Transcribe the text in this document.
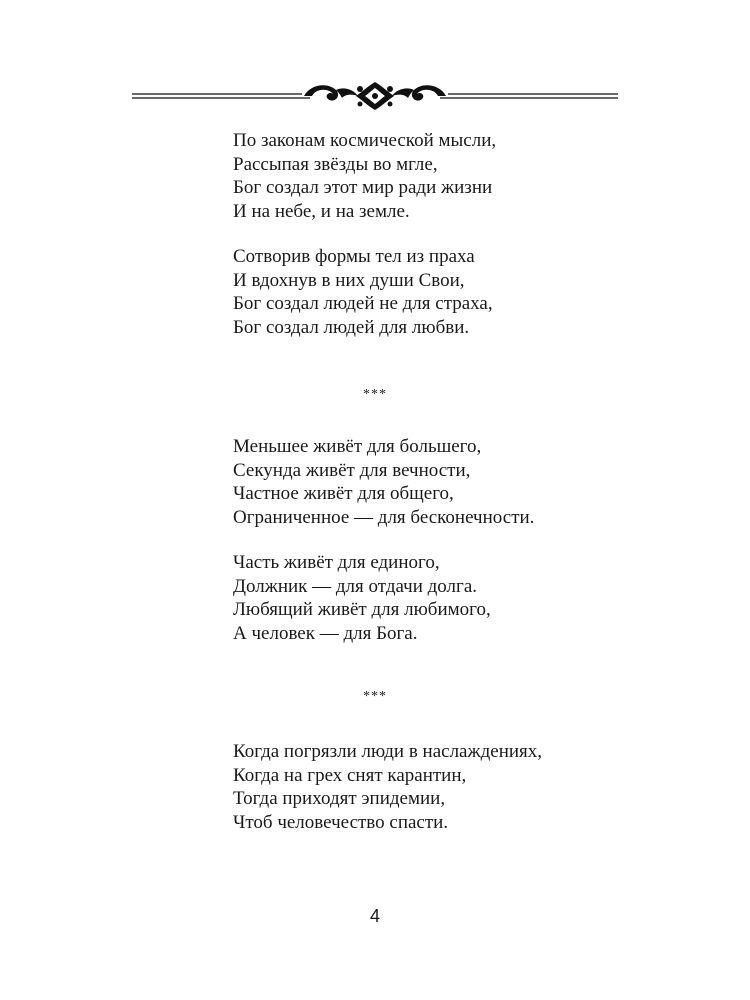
По законам космической мысли,
Рассыпая звёзды во мгле,
Бог создал этот мир ради жизни
И на небе, и на земле.
Сотворив формы тел из праха
И вдохнув в них души Свои,
Бог создал людей не для страха,
Бог создал людей для любви.
***
Меньшее живёт для большего,
Секунда живёт для вечности,
Частное живёт для общего,
Ограниченное — для бесконечности.
Часть живёт для единого,
Должник — для отдачи долга.
Любящий живёт для любимого,
А человек — для Бога.
***
Когда погрязли люди в наслаждениях,
Когда на грех снят карантин,
Тогда приходят эпидемии,
Чтоб человечество спасти.
4
